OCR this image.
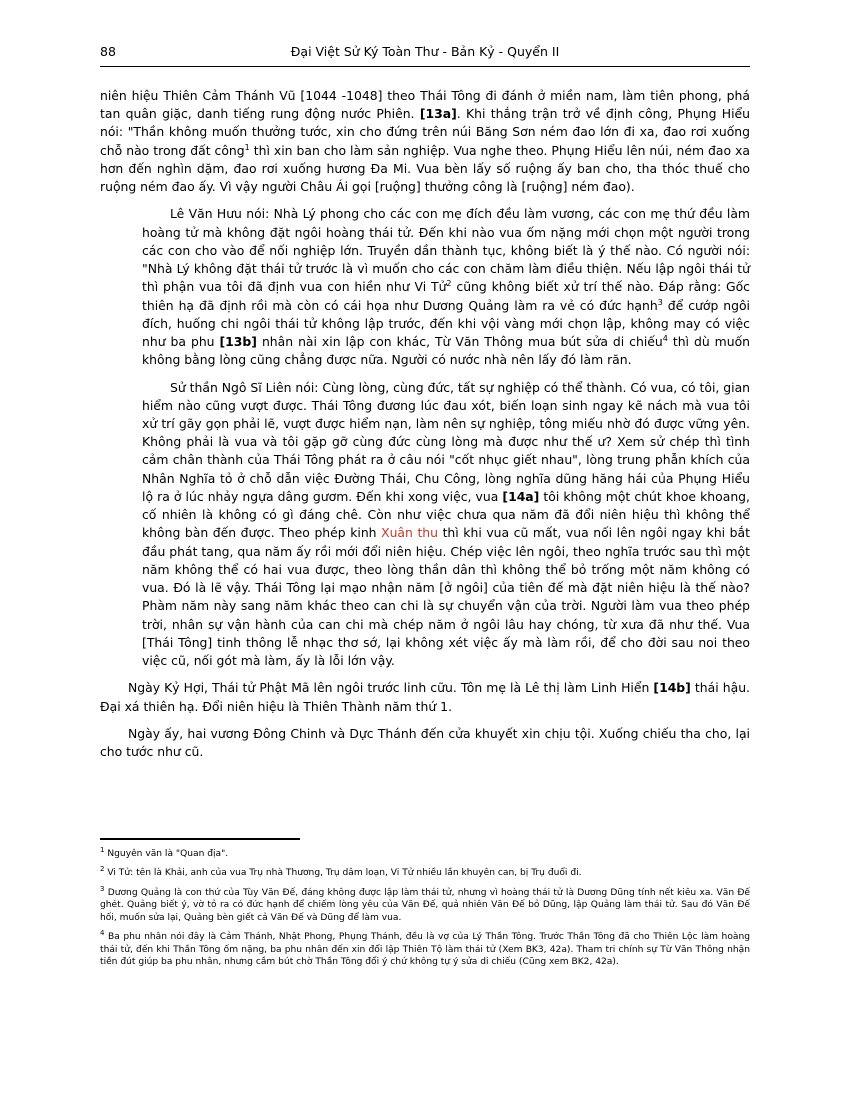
88	Đại Việt Sử Ký Toàn Thư - Bản Kỷ - Quyển II

niên hiệu Thiên Cảm Thánh Vũ [1044 -1048] theo Thái Tông đi đánh ở miền nam, làm tiên phong, phá tan quân giặc, danh tiếng rung động nước Phiên. [13a]. Khi thắng trận trở về định công, Phụng Hiểu nói: "Thần không muốn thưởng tước, xin cho đứng trên núi Băng Sơn ném đao lớn đi xa, đao rơi xuống chỗ nào trong đất công$^1$ thì xin ban cho làm sản nghiệp. Vua nghe theo. Phụng Hiểu lên núi, ném đao xa hơn đến nghìn dặm, đao rơi xuống hương Đa Mi. Vua bèn lấy số ruộng ấy ban cho, tha thóc thuế cho ruộng ném đao ấy. Vì vậy người Châu Ái gọi [ruộng] thưởng công là [ruộng] ném đao).

Lê Văn Hưu nói: Nhà Lý phong cho các con mẹ đích đều làm vương, các con mẹ thứ đều làm hoàng tử mà không đặt ngôi hoàng thái tử. Đến khi nào vua ốm nặng mới chọn một người trong các con cho vào để nối nghiệp lớn. Truyền dần thành tục, không biết là ý thế nào. Có người nói: "Nhà Lý không đặt thái tử trước là vì muốn cho các con chăm làm điều thiện. Nếu lập ngôi thái tử thì phận vua tôi đã định vua con hiền như Vi Tử$^2$ cũng không biết xử trí thế nào. Đáp rằng: Gốc thiên hạ đã định rồi mà còn có cái họa như Dương Quảng làm ra vẻ có đức hạnh$^3$ để cướp ngôi đích, huống chi ngôi thái tử không lập trước, đến khi vội vàng mới chọn lập, không may có việc như ba phu [13b] nhân nài xin lập con khác, Từ Văn Thông mua bút sửa di chiếu$^4$ thì dù muốn không bằng lòng cũng chẳng được nữa. Người có nước nhà nên lấy đó làm răn.

Sử thần Ngô Sĩ Liên nói: Cùng lòng, cùng đức, tất sự nghiệp có thể thành. Có vua, có tôi, gian hiểm nào cũng vượt được. Thái Tông đương lúc đau xót, biến loạn sinh ngay kẽ nách mà vua tôi xử trí gãy gọn phải lẽ, vượt được hiểm nạn, làm nên sự nghiệp, tông miếu nhờ đó được vững yên. Không phải là vua và tôi gặp gỡ cùng đức cùng lòng mà được như thế ư? Xem sử chép thì tình cảm chân thành của Thái Tông phát ra ở câu nói "cốt nhục giết nhau", lòng trung phẫn khích của Nhân Nghĩa tỏ ở chỗ dẫn việc Đường Thái, Chu Công, lòng nghĩa dũng hăng hái của Phụng Hiểu lộ ra ở lúc nhảy ngựa dâng gươm. Đến khi xong việc, vua [14a] tôi không một chút khoe khoang, cố nhiên là không có gì đáng chê. Còn như việc chưa qua năm đã đổi niên hiệu thì không thể không bàn đến được. Theo phép kinh Xuân thu thì khi vua cũ mất, vua nối lên ngôi ngay khi bắt đầu phát tang, qua năm ấy rồi mới đổi niên hiệu. Chép việc lên ngôi, theo nghĩa trước sau thì một năm không thể có hai vua được, theo lòng thần dân thì không thể bỏ trống một năm không có vua. Đó là lẽ vậy. Thái Tông lại mạo nhận năm [ở ngôi] của tiên đế mà đặt niên hiệu là thế nào? Phàm năm này sang năm khác theo can chi là sự chuyển vận của trời. Người làm vua theo phép trời, nhân sự vận hành của can chi mà chép năm ở ngôi lâu hay chóng, từ xưa đã như thế. Vua [Thái Tông] tinh thông lễ nhạc thơ sớ, lại không xét việc ấy mà làm rồi, để cho đời sau noi theo việc cũ, nối gót mà làm, ấy là lỗi lớn vậy.

Ngày Kỷ Hợi, Thái tử Phật Mã lên ngôi trước linh cữu. Tôn mẹ là Lê thị làm Linh Hiển [14b] thái hậu. Đại xá thiên hạ. Đổi niên hiệu là Thiên Thành năm thứ 1.

Ngày ấy, hai vương Đông Chinh và Dực Thánh đến cửa khuyết xin chịu tội. Xuống chiếu tha cho, lại cho tước như cũ.

$^1$ Nguyên văn là "Quan địa".
$^2$ Vi Tử: tên là Khải, anh của vua Trụ nhà Thương, Trụ dâm loạn, Vi Tử nhiều lần khuyên can, bị Trụ đuổi đi.
$^3$ Dương Quảng là con thứ của Tùy Văn Đế, đáng không được lập làm thái tử, nhưng vì hoàng thái tử là Dương Dũng tính nết kiêu xa. Văn Đế ghét. Quảng biết ý, vờ tỏ ra có đức hạnh để chiếm lòng yêu của Văn Đế, quả nhiên Văn Đế bỏ Dũng, lập Quảng làm thái tử. Sau đó Văn Đế hối, muốn sửa lại, Quảng bèn giết cả Văn Đế và Dũng để làm vua.
$^4$ Ba phu nhân nói đây là Cảm Thánh, Nhật Phong, Phụng Thánh, đều là vợ của Lý Thần Tông. Trước Thần Tông đã cho Thiên Lộc làm hoàng thái tử, đến khi Thần Tông ốm nặng, ba phu nhân đến xin đổi lập Thiên Tộ làm thái tử (Xem BK3, 42a). Tham tri chính sự Từ Văn Thông nhận tiền đút giúp ba phu nhân, nhưng cầm bút chờ Thần Tông đổi ý chứ không tự ý sửa di chiếu (Cũng xem BK2, 42a).
